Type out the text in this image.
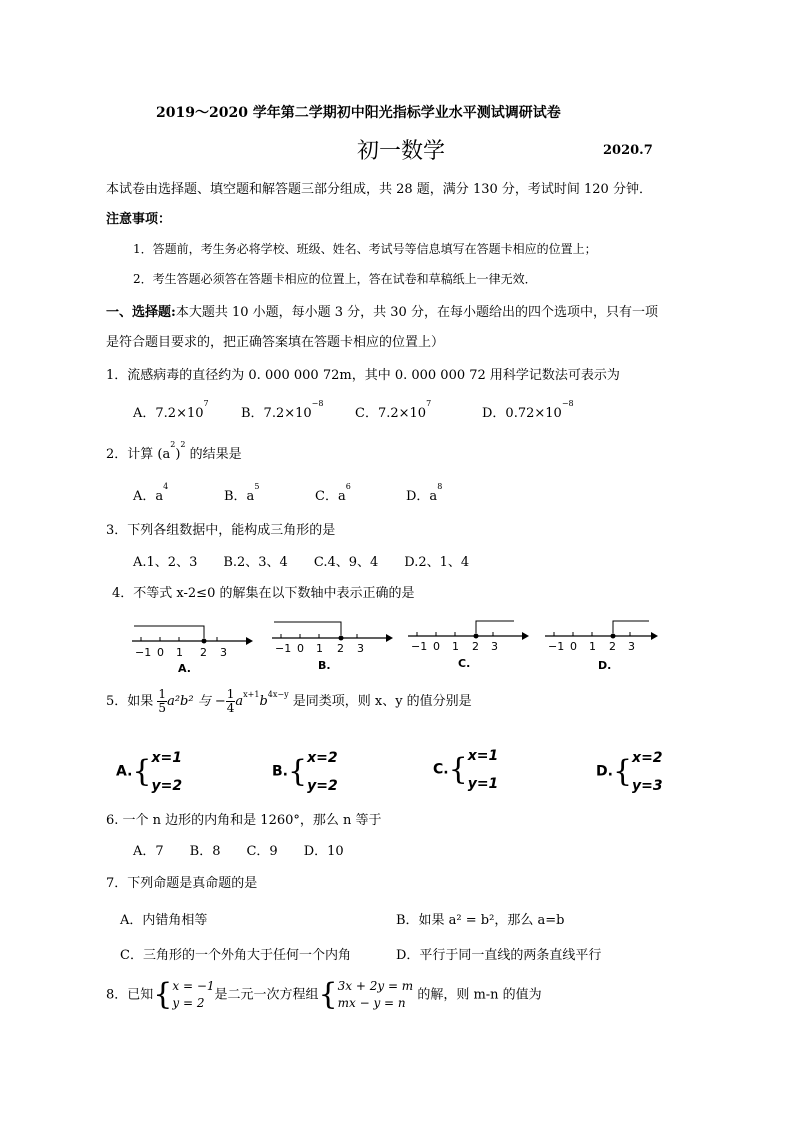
2019～2020 学年第二学期初中阳光指标学业水平测试调研试卷
初一数学	2020.7
本试卷由选择题、填空题和解答题三部分组成，共 28 题，满分 130 分，考试时间 120 分钟．
注意事项：
1．答题前，考生务必将学校、班级、姓名、考试号等信息填写在答题卡相应的位置上；
2．考生答题必须答在答题卡相应的位置上，答在试卷和草稿纸上一律无效．
一、选择题:本大题共 10 小题，每小题 3 分，共 30 分，在每小题给出的四个选项中，只有一项
是符合题目要求的，把正确答案填在答题卡相应的位置上）
1．流感病毒的直径约为 0. 000 000 72m，其中 0. 000 000 72 用科学记数法可表示为
A．$7.2\times 10^7$
B．$7.2\times 10^{-8}$
C．$7.2\times 10^7$
D．$0.72\times 10^{-8}$
2．计算 $(a^2)^2$ 的结果是
A．$a^4$
B．$a^5$
C．$a^6$
D．$a^8$
3．下列各组数据中，能构成三角形的是
A.1、2、3　　B.2、3、4　　C.4、9、4　　D.2、1、4
4．不等式 x-2≤0 的解集在以下数轴中表示正确的是
−1 0 1 2 3
A.
−1 0 1 2 3
B.
−1 0 1 2 3
C.
−1 0 1 2 3
D.
5．如果 $\frac{1}{5} a^2b^2$ 与 − $\frac{1}{4} a^{x+1}b^{4x-y}$ 是同类项，则 x、y 的值分别是
A.{ x=1
y=2
B.{ x=2
y=2
C.{ x=1
y=1
D.{ x=2
y=3
6. 一个 n 边形的内角和是 1260°，那么 n 等于
A．7　　B．8　　C．9　　D．10
7．下列命题是真命题的是
A．内错角相等	B．如果 a² = b²，那么 a=b
C．三角形的一个外角大于任何一个内角	D．平行于同一直线的两条直线平行
8．已知{ x = −1
y = 2
是二元一次方程组{ 3x + 2y = m
mx − y = n
的解，则 m-n 的值为
